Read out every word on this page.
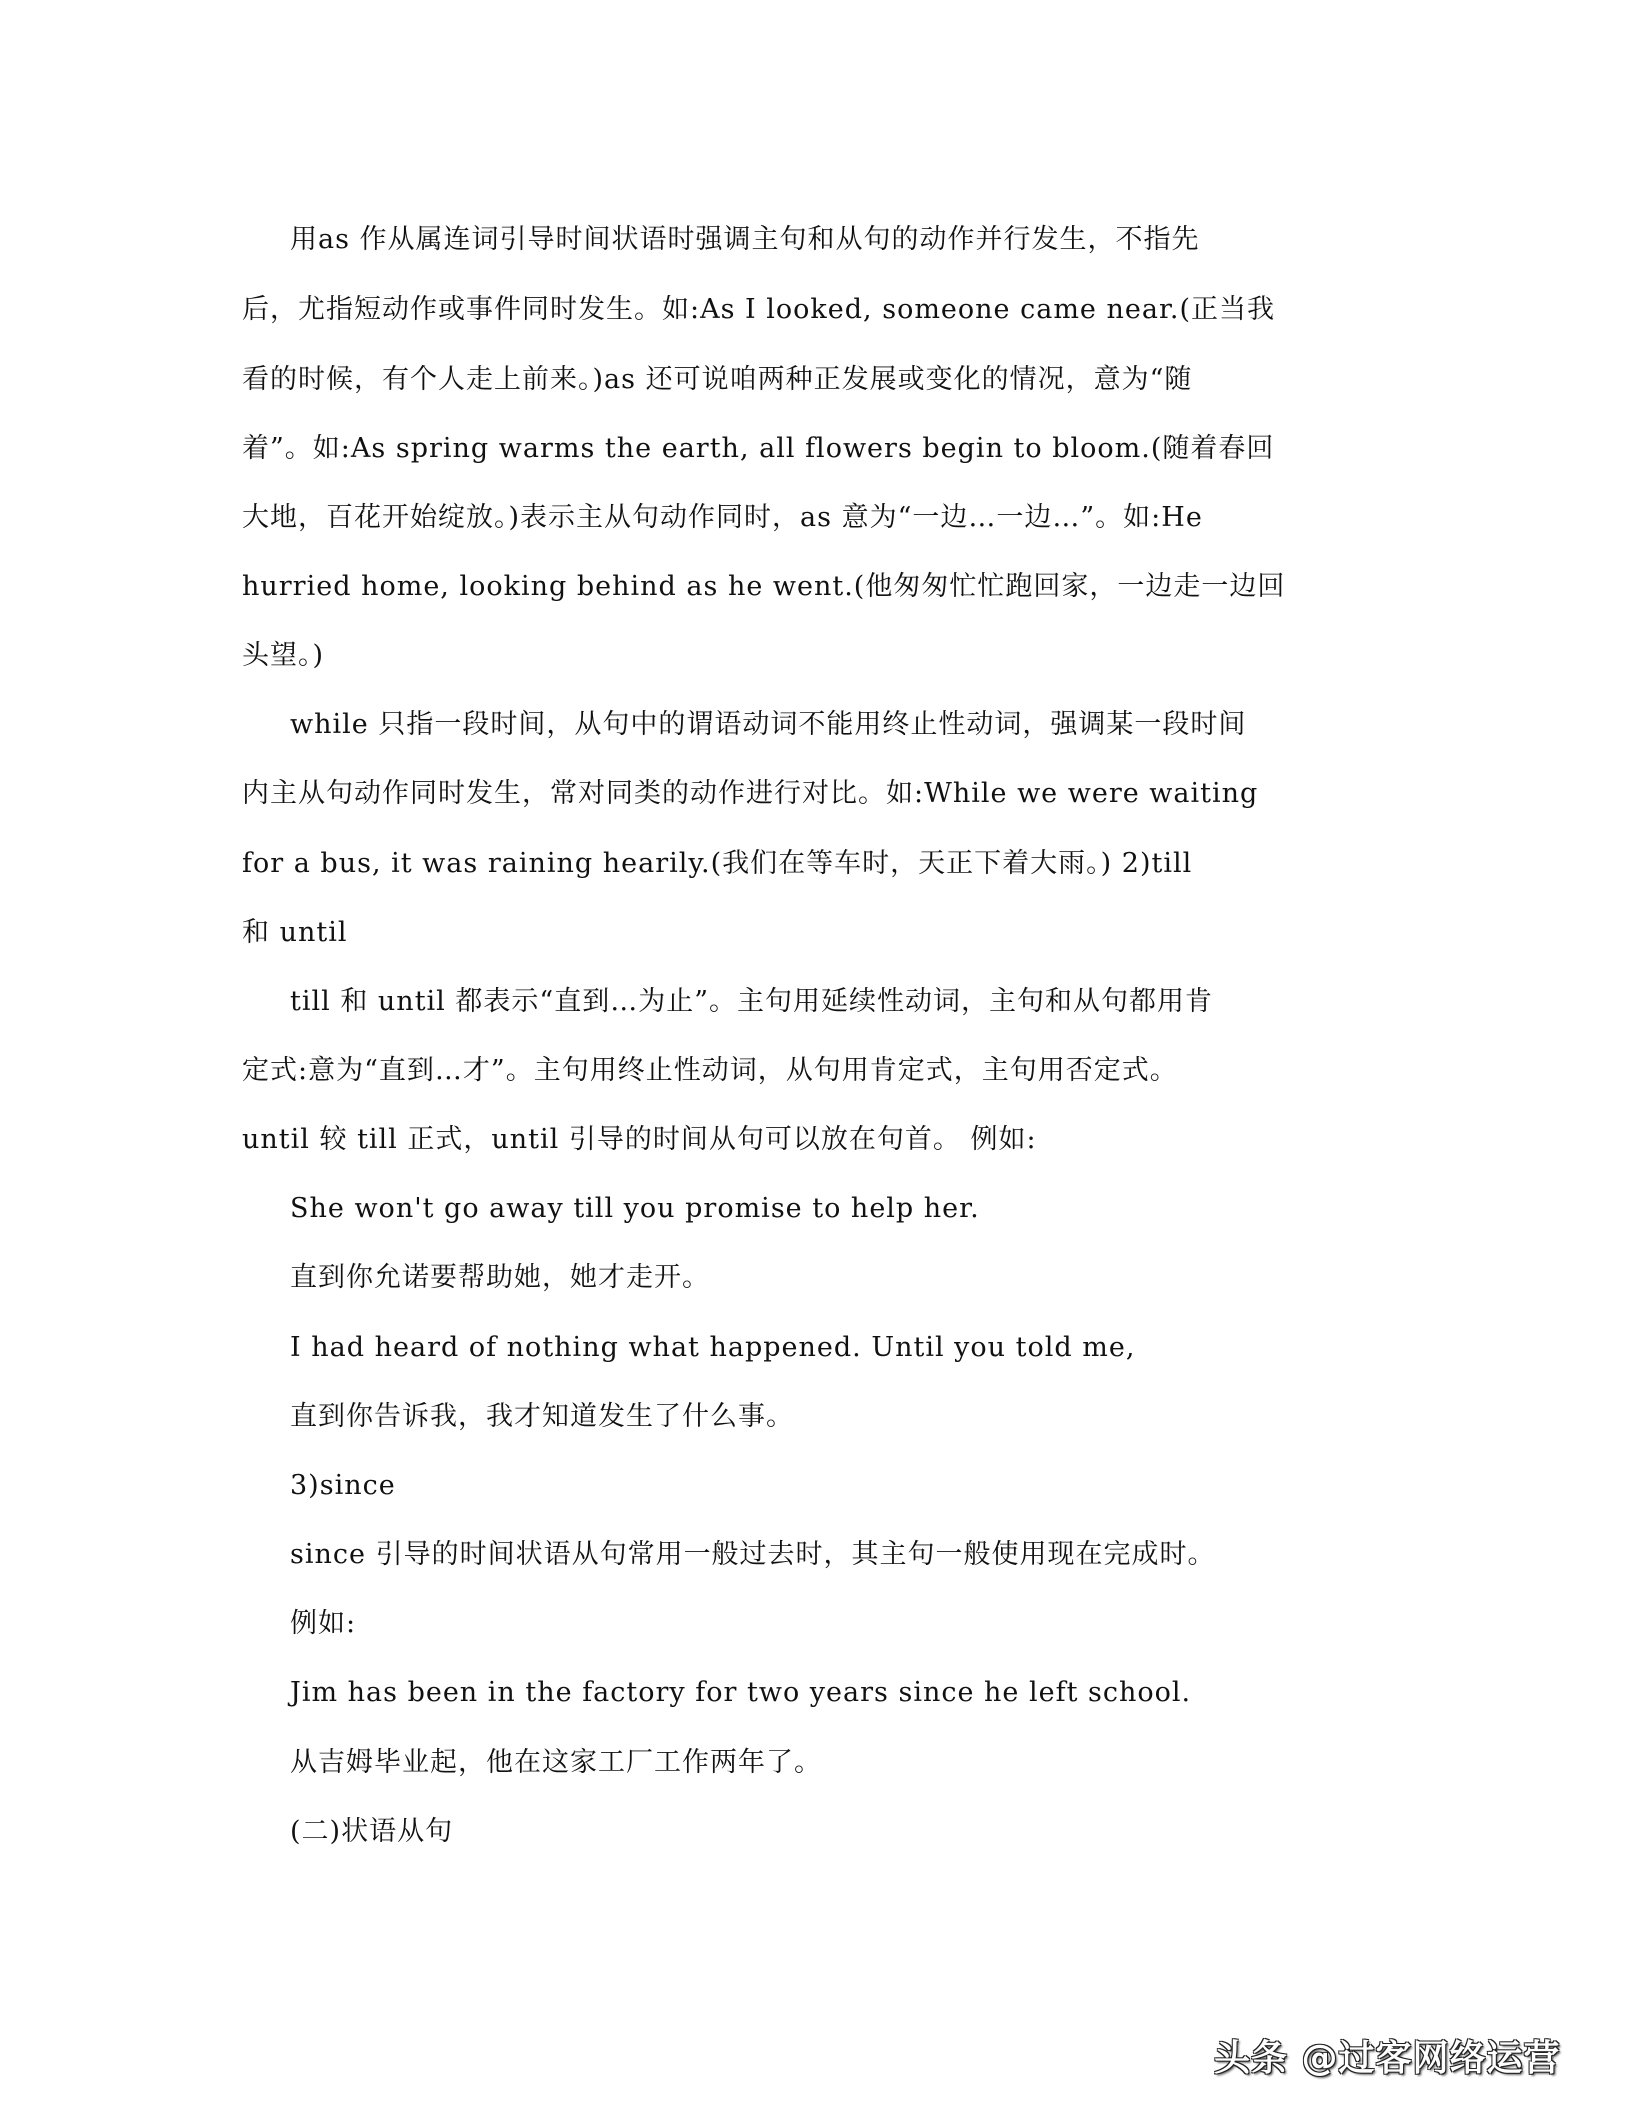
用as 作从属连词引导时间状语时强调主句和从句的动作并行发生，不指先
后，尤指短动作或事件同时发生。如:As I looked, someone came near.(正当我
看的时候，有个人走上前来。)as 还可说咱两种正发展或变化的情况，意为“随
着”。如:As spring warms the earth, all flowers begin to bloom.(随着春回
大地，百花开始绽放。)表示主从句动作同时，as 意为“一边…一边…”。如:He
hurried home, looking behind as he went.(他匆匆忙忙跑回家，一边走一边回
头望。)
while 只指一段时间，从句中的谓语动词不能用终止性动词，强调某一段时间
内主从句动作同时发生，常对同类的动作进行对比。如:While we were waiting
for a bus, it was raining hearily.(我们在等车时，天正下着大雨。) 2)till
和 until
till 和 until 都表示“直到…为止”。主句用延续性动词，主句和从句都用肯
定式:意为“直到…才”。主句用终止性动词，从句用肯定式，主句用否定式。
until 较 till 正式，until 引导的时间从句可以放在句首。 例如:
She won't go away till you promise to help her.
直到你允诺要帮助她，她才走开。
I had heard of nothing what happened. Until you told me,
直到你告诉我，我才知道发生了什么事。
3)since
since 引导的时间状语从句常用一般过去时，其主句一般使用现在完成时。
例如:
Jim has been in the factory for two years since he left school.
从吉姆毕业起，他在这家工厂工作两年了。
(二)状语从句
头条 @过客网络运营
